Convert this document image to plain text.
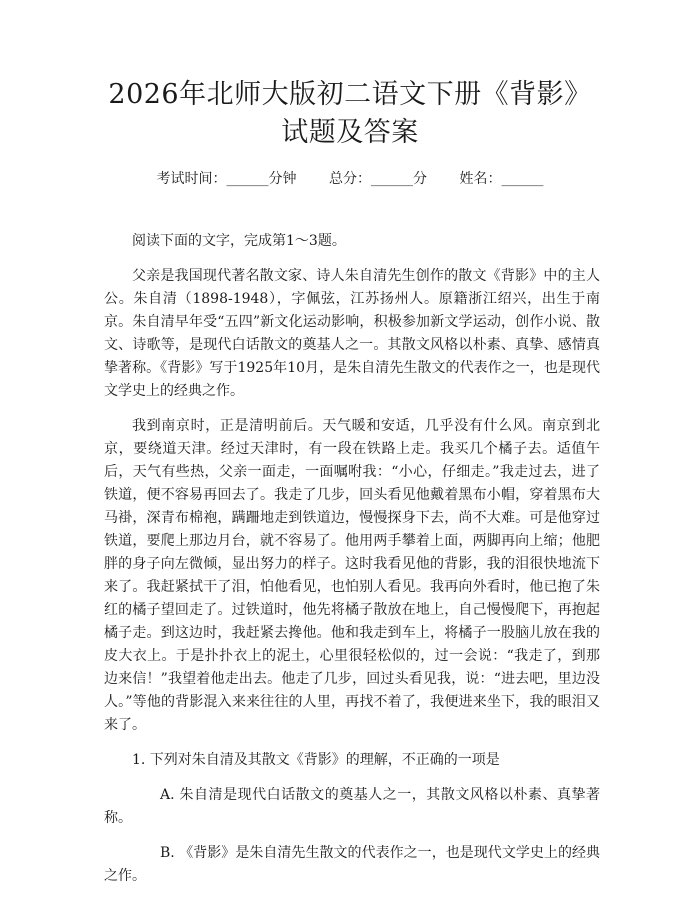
2026年北师大版初二语文下册《背影》试题及答案
考试时间：______分钟 总分：______分 姓名：______

阅读下面的文字，完成第1～3题。

父亲是我国现代著名散文家、诗人朱自清先生创作的散文《背影》中的主人公。朱自清（1898-1948），字佩弦，江苏扬州人。原籍浙江绍兴，出生于南京。朱自清早年受“五四”新文化运动影响，积极参加新文学运动，创作小说、散文、诗歌等，是现代白话散文的奠基人之一。其散文风格以朴素、真挚、感情真挚著称。《背影》写于1925年10月，是朱自清先生散文的代表作之一，也是现代文学史上的经典之作。

我到南京时，正是清明前后。天气暖和安适，几乎没有什么风。南京到北京，要绕道天津。经过天津时，有一段在铁路上走。我买几个橘子去。适值午后，天气有些热，父亲一面走，一面嘱咐我：“小心，仔细走。”我走过去，进了铁道，便不容易再回去了。我走了几步，回头看见他戴着黑布小帽，穿着黑布大马褂，深青布棉袍，蹒跚地走到铁道边，慢慢探身下去，尚不大难。可是他穿过铁道，要爬上那边月台，就不容易了。他用两手攀着上面，两脚再向上缩；他肥胖的身子向左微倾，显出努力的样子。这时我看见他的背影，我的泪很快地流下来了。我赶紧拭干了泪，怕他看见，也怕别人看见。我再向外看时，他已抱了朱红的橘子望回走了。过铁道时，他先将橘子散放在地上，自己慢慢爬下，再抱起橘子走。到这边时，我赶紧去搀他。他和我走到车上，将橘子一股脑儿放在我的皮大衣上。于是扑扑衣上的泥土，心里很轻松似的，过一会说：“我走了，到那边来信！”我望着他走出去。他走了几步，回过头看见我，说：“进去吧，里边没人。”等他的背影混入来来往往的人里，再找不着了，我便进来坐下，我的眼泪又来了。

1. 下列对朱自清及其散文《背影》的理解，不正确的一项是

A. 朱自清是现代白话散文的奠基人之一，其散文风格以朴素、真挚著称。

B. 《背影》是朱自清先生散文的代表作之一，也是现代文学史上的经典之作。
